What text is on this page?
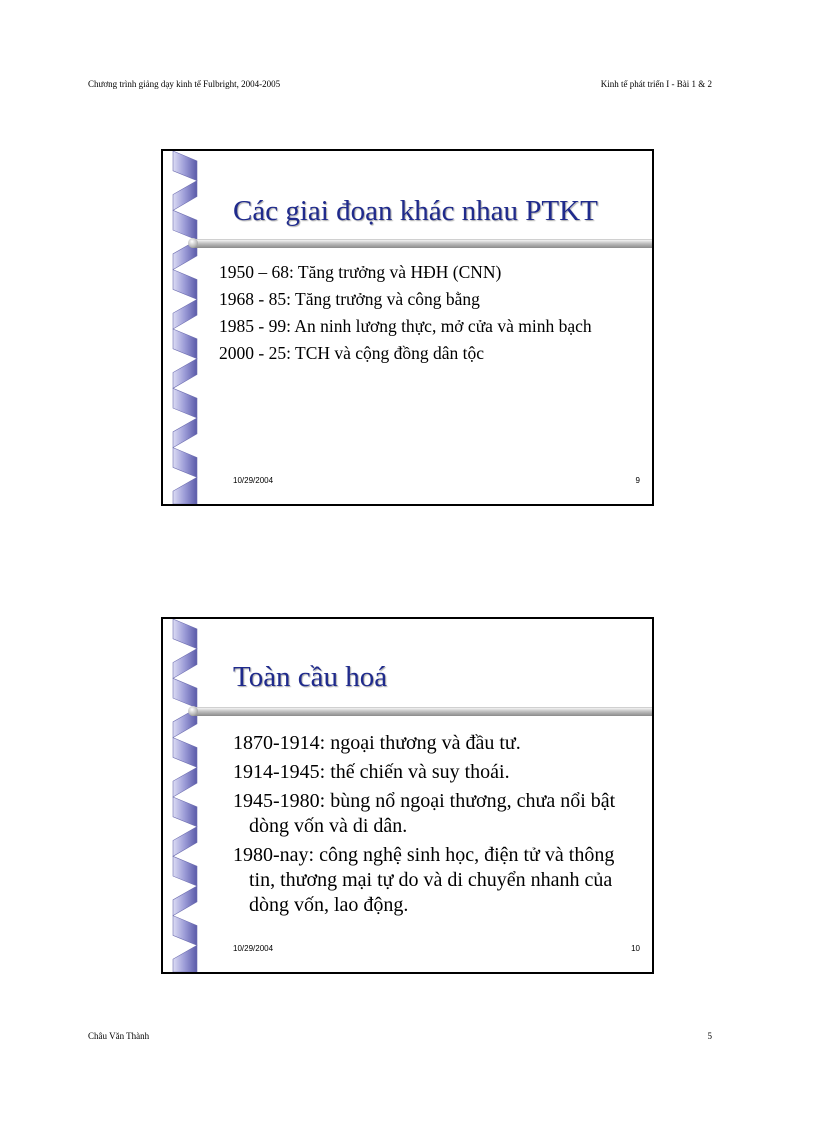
Chương trình giảng dạy kinh tế Fulbright, 2004-2005	Kinh tế phát triển I - Bài 1 & 2
Các giai đoạn khác nhau PTKT
1950 – 68: Tăng trưởng và HĐH (CNN)
1968 - 85: Tăng trưởng và công bằng
1985 - 99: An ninh lương thực, mở cửa và minh bạch
2000 - 25: TCH và cộng đồng dân tộc
10/29/2004	9
Toàn cầu hoá
1870-1914: ngoại thương và đầu tư.
1914-1945: thế chiến và suy thoái.
1945-1980: bùng nổ ngoại thương, chưa nổi bật dòng vốn và di dân.
1980-nay: công nghệ sinh học, điện tử và thông tin, thương mại tự do và di chuyển nhanh của dòng vốn, lao động.
10/29/2004	10
Châu Văn Thành	5
